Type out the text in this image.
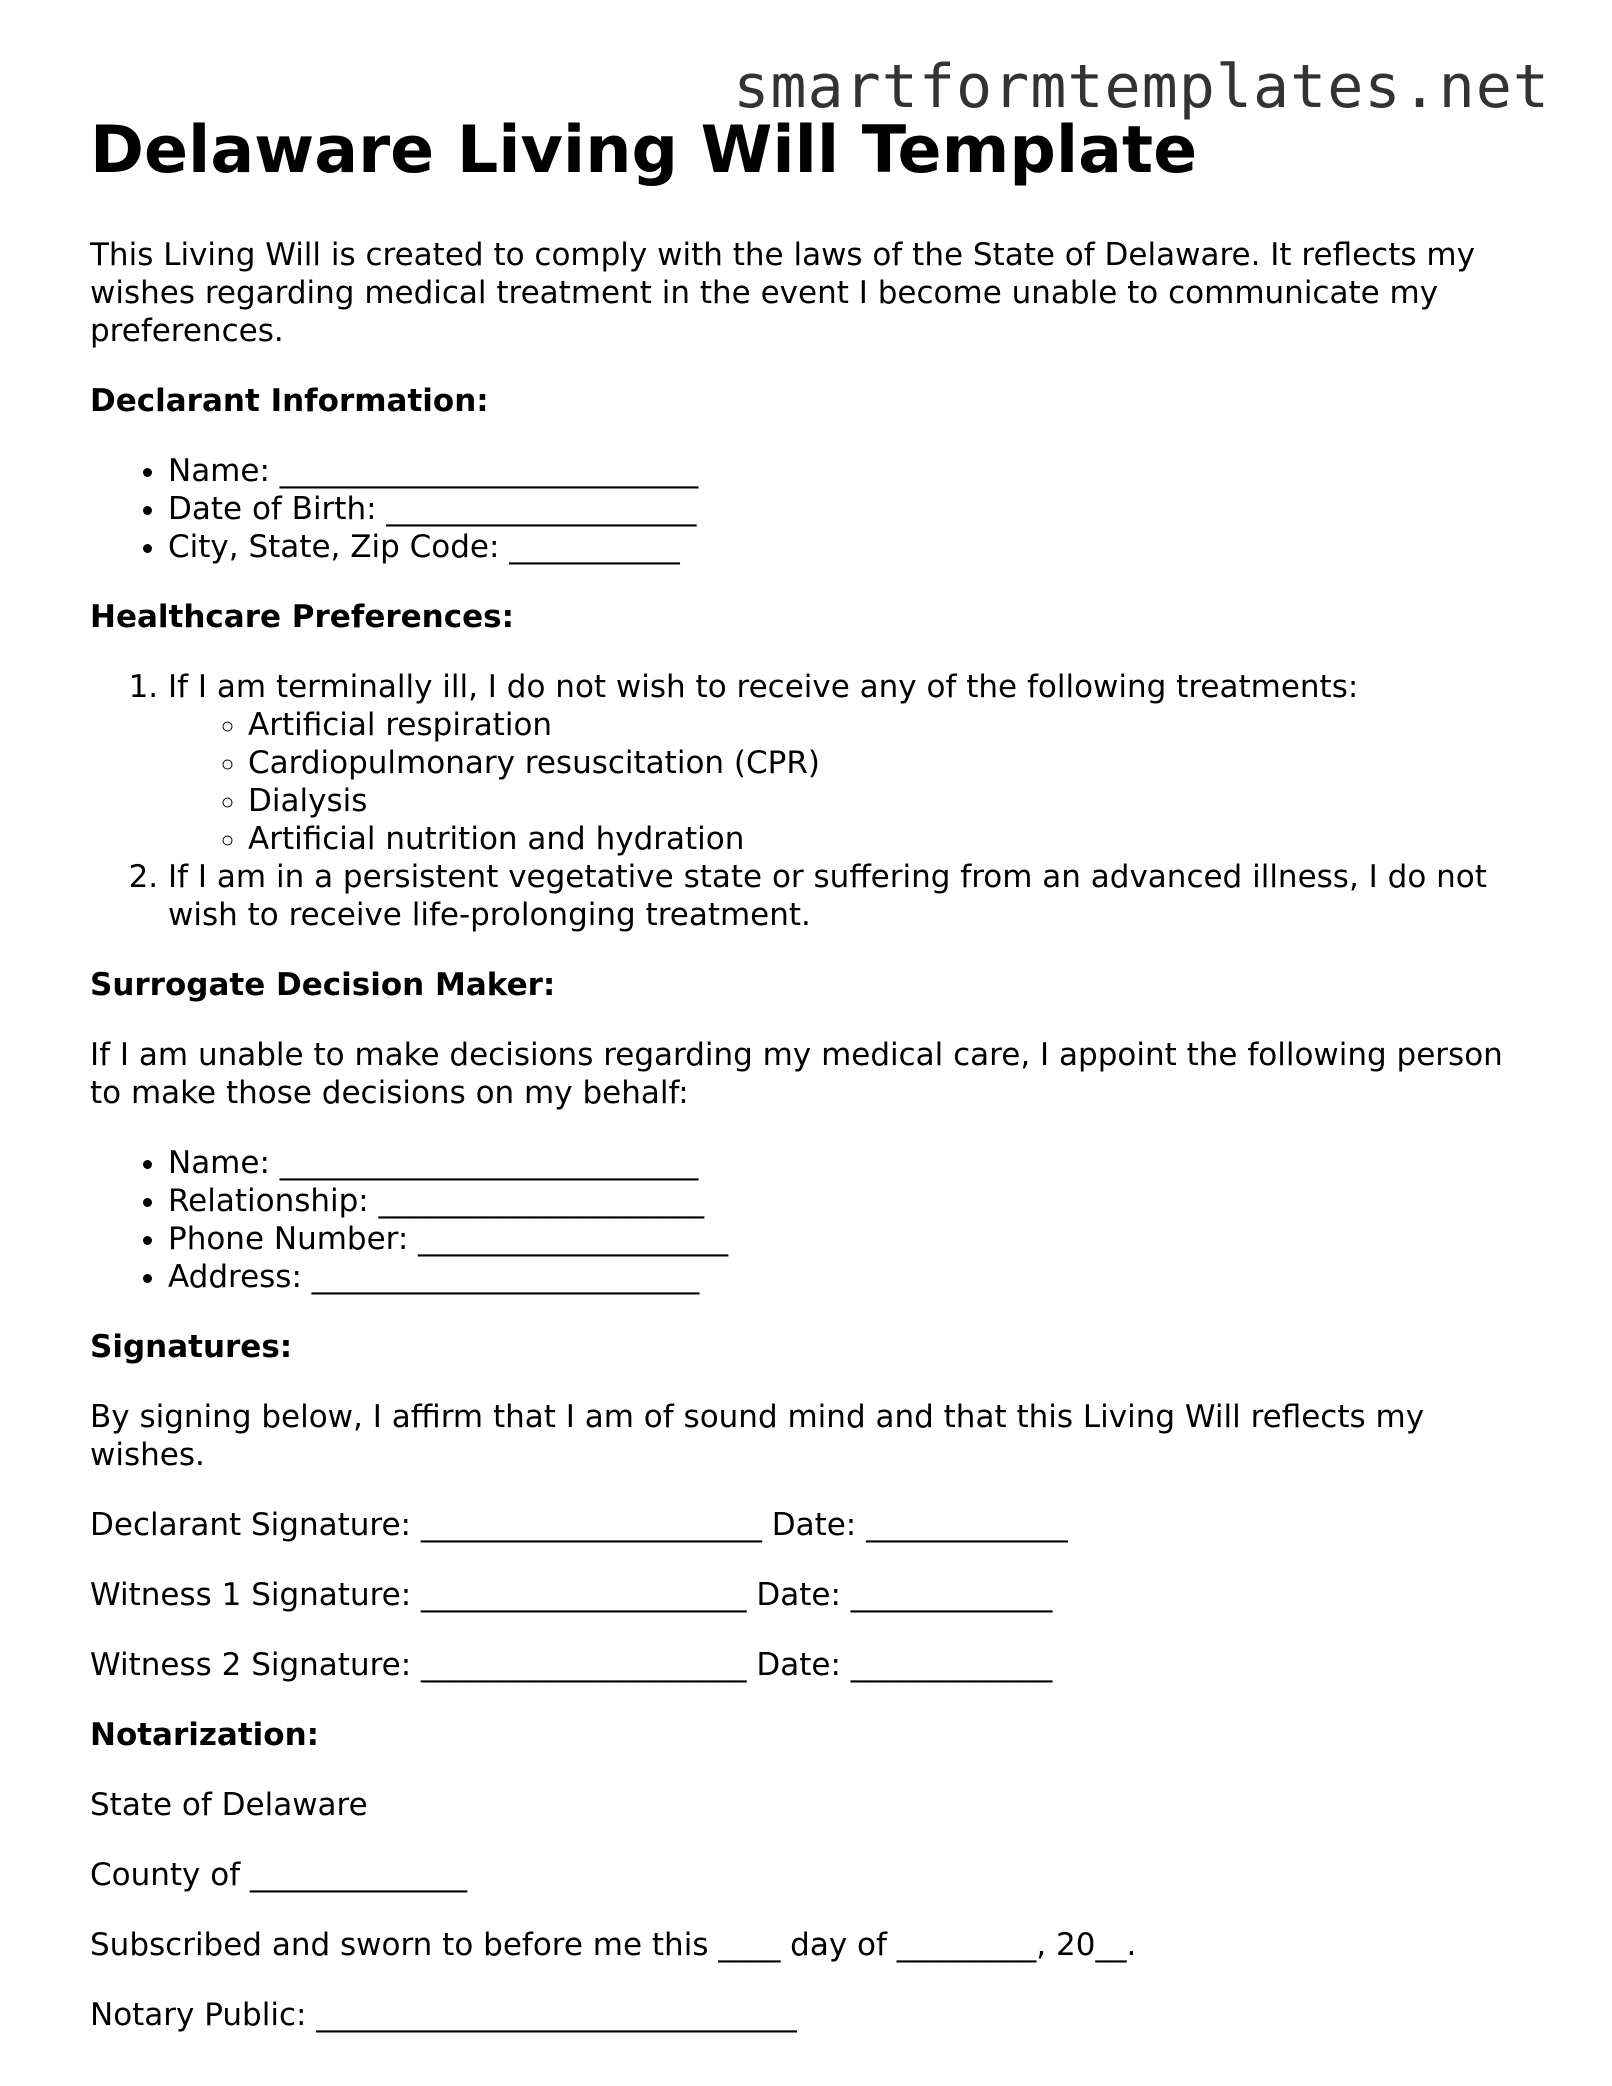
smartformtemplates.net
Delaware Living Will Template

This Living Will is created to comply with the laws of the State of Delaware. It reflects my wishes regarding medical treatment in the event I become unable to communicate my preferences.

Declarant Information:
• Name: ___________________________
• Date of Birth: ____________________
• City, State, Zip Code: ___________
Healthcare Preferences:
1. If I am terminally ill, I do not wish to receive any of the following treatments:
◦ Artificial respiration
◦ Cardiopulmonary resuscitation (CPR)
◦ Dialysis
◦ Artificial nutrition and hydration
2. If I am in a persistent vegetative state or suffering from an advanced illness, I do not wish to receive life-prolonging treatment.
Surrogate Decision Maker:

If I am unable to make decisions regarding my medical care, I appoint the following person to make those decisions on my behalf:

• Name: ___________________________
• Relationship: _____________________
• Phone Number: ____________________
• Address: _________________________
Signatures:

By signing below, I affirm that I am of sound mind and that this Living Will reflects my wishes.

Declarant Signature: ______________________ Date: _____________

Witness 1 Signature: _____________________ Date: _____________

Witness 2 Signature: _____________________ Date: _____________

Notarization:

State of Delaware

County of ______________

Subscribed and sworn to before me this ____ day of _________, 20__.

Notary Public: _______________________________
